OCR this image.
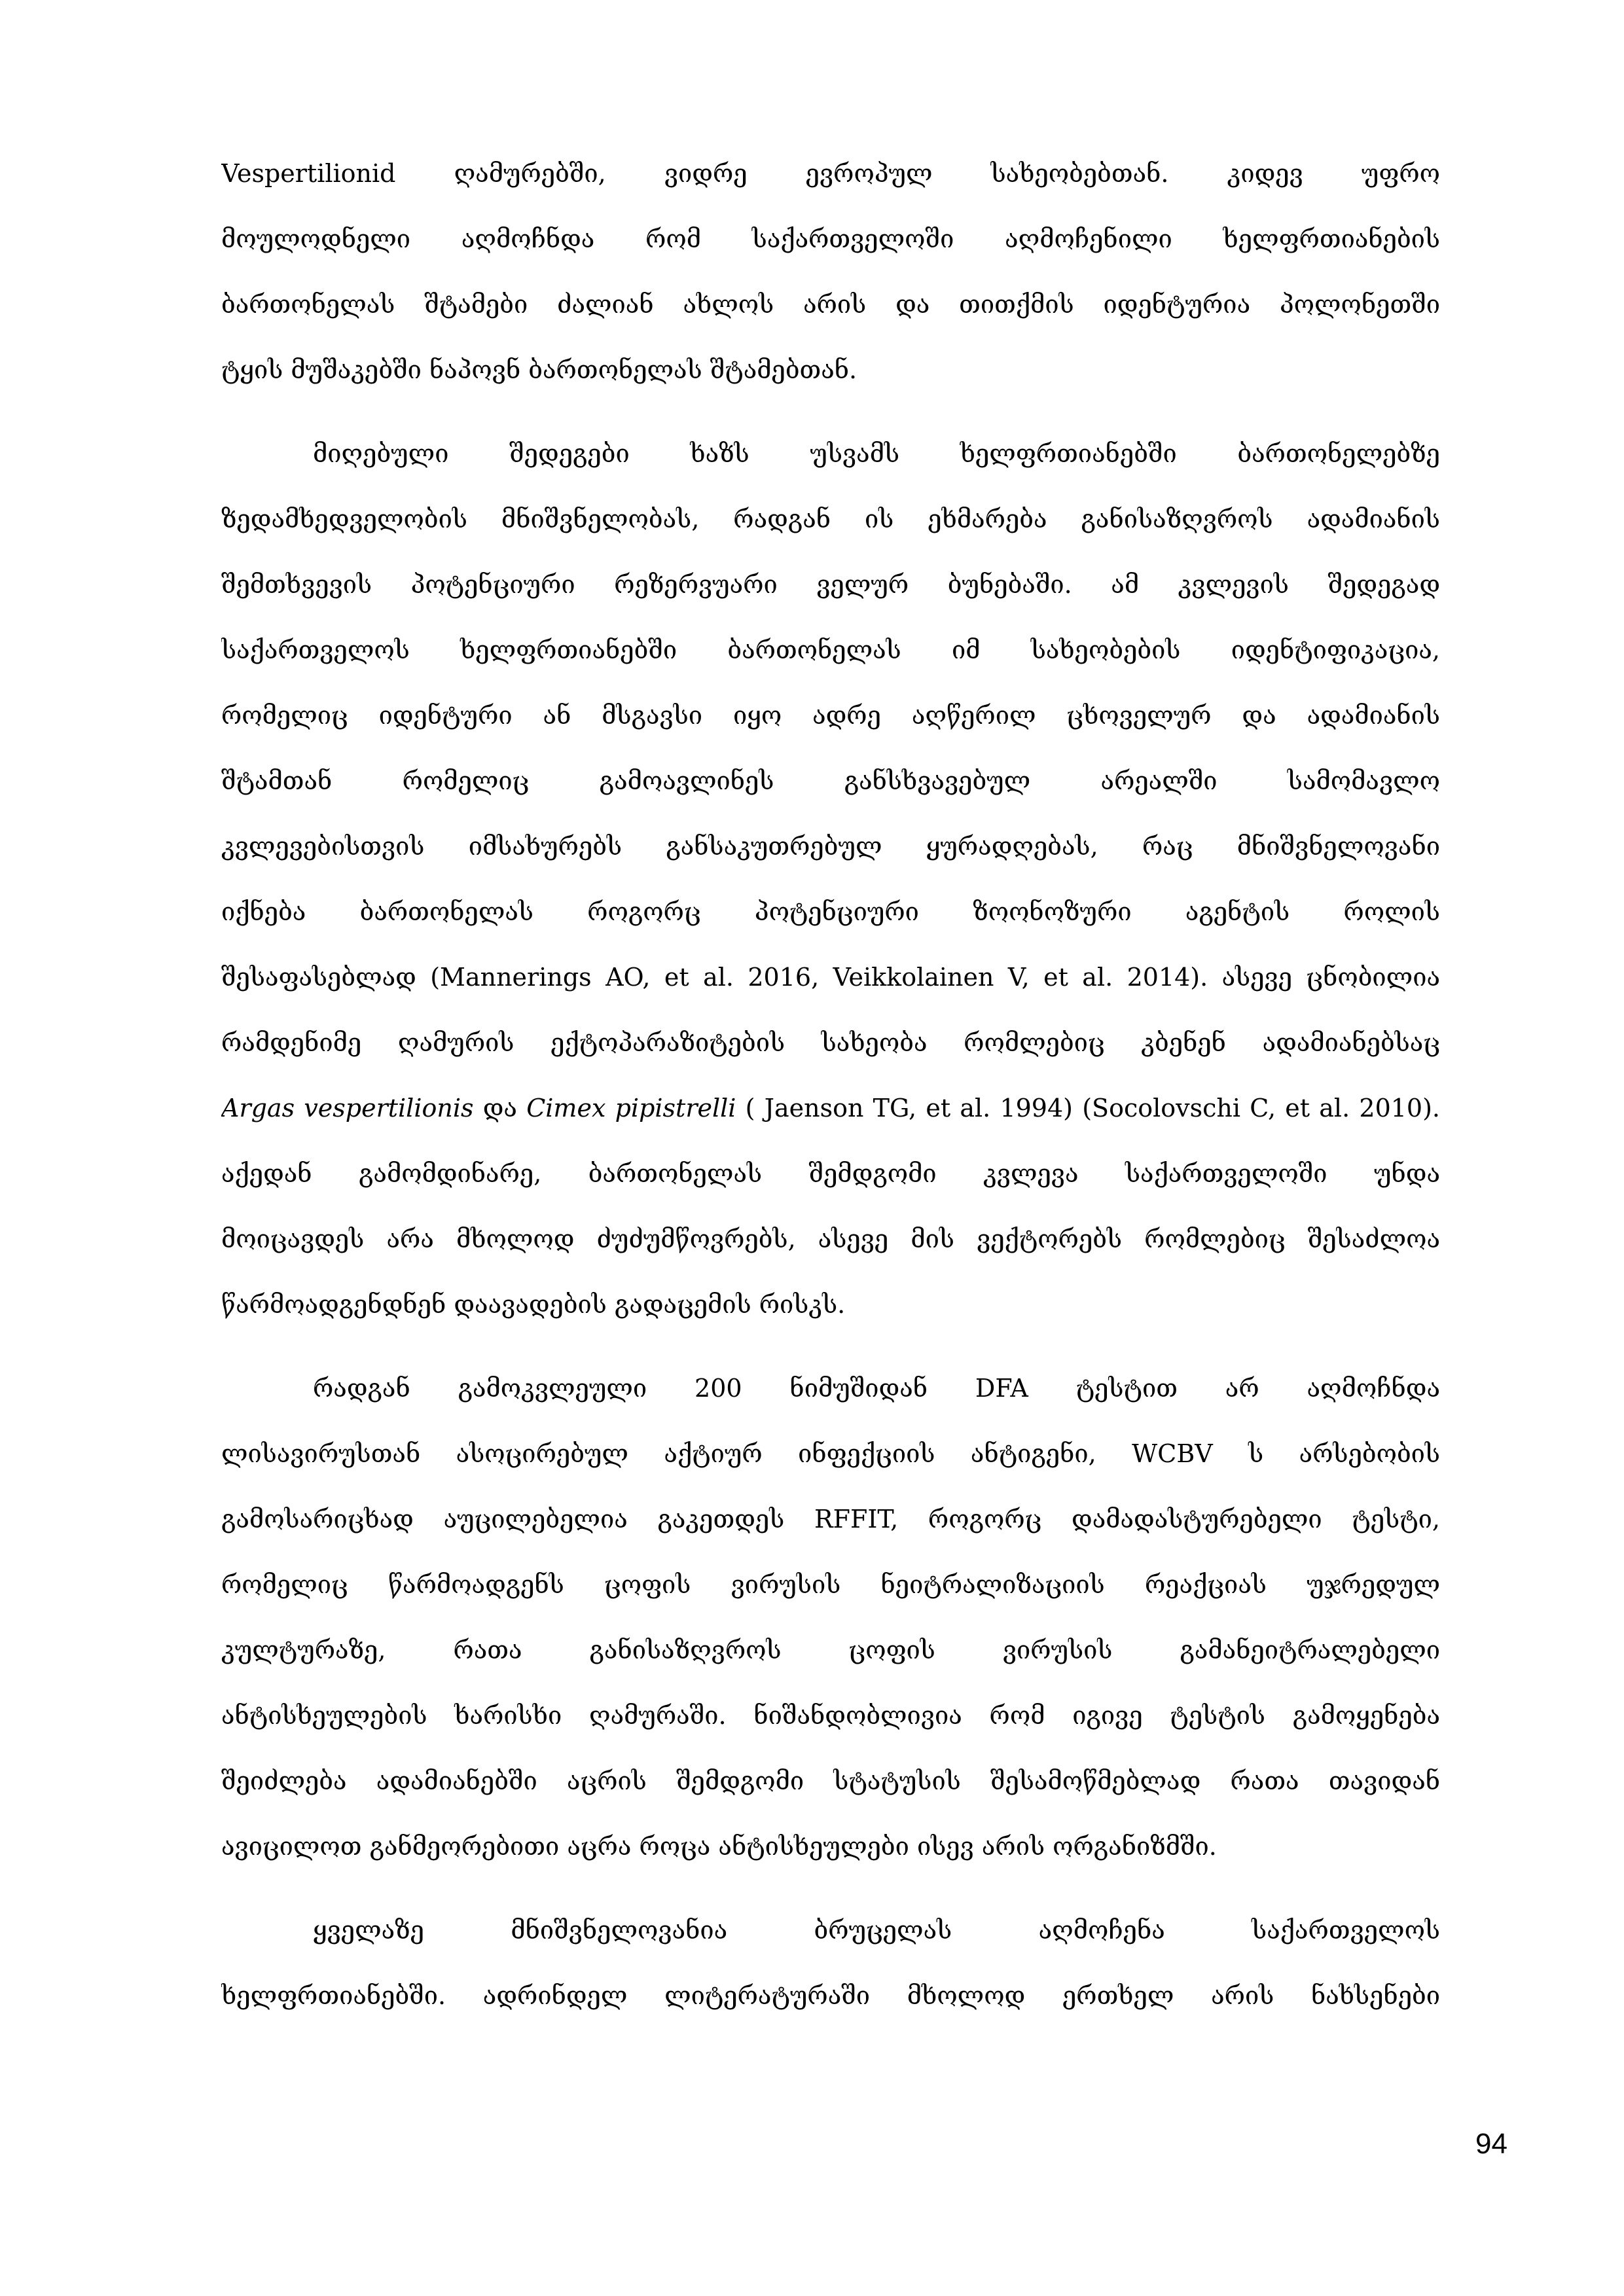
Vespertilionid ღამურებში, ვიდრე ევროპულ სახეობებთან. კიდევ უფრო
მოულოდნელი აღმოჩნდა რომ საქართველოში აღმოჩენილი ხელფრთიანების
ბართონელას შტამები ძალიან ახლოს არის და თითქმის იდენტურია პოლონეთში
ტყის მუშაკებში ნაპოვნ ბართონელას შტამებთან.
მიღებული შედეგები ხაზს უსვამს ხელფრთიანებში ბართონელებზე
ზედამხედველობის მნიშვნელობას, რადგან ის ეხმარება განისაზღვროს ადამიანის
შემთხვევის პოტენციური რეზერვუარი ველურ ბუნებაში. ამ კვლევის შედეგად
საქართველოს ხელფრთიანებში ბართონელას იმ სახეობების იდენტიფიკაცია,
რომელიც იდენტური ან მსგავსი იყო ადრე აღწერილ ცხოველურ და ადამიანის
შტამთან რომელიც გამოავლინეს განსხვავებულ არეალში სამომავლო
კვლევებისთვის იმსახურებს განსაკუთრებულ ყურადღებას, რაც მნიშვნელოვანი
იქნება ბართონელას როგორც პოტენციური ზოონოზური აგენტის როლის
შესაფასებლად (Mannerings AO, et al. 2016, Veikkolainen V, et al. 2014). ასევე ცნობილია
რამდენიმე ღამურის ექტოპარაზიტების სახეობა რომლებიც კბენენ ადამიანებსაც
Argas vespertilionis და Cimex pipistrelli ( Jaenson TG, et al. 1994) (Socolovschi C, et al. 2010).
აქედან გამომდინარე, ბართონელას შემდგომი კვლევა საქართველოში უნდა
მოიცავდეს არა მხოლოდ ძუძუმწოვრებს, ასევე მის ვექტორებს რომლებიც შესაძლოა
წარმოადგენდნენ დაავადების გადაცემის რისკს.
რადგან გამოკვლეული 200 ნიმუშიდან DFA ტესტით არ აღმოჩნდა
ლისავირუსთან ასოცირებულ აქტიურ ინფექციის ანტიგენი, WCBV ს არსებობის
გამოსარიცხად აუცილებელია გაკეთდეს RFFIT, როგორც დამადასტურებელი ტესტი,
რომელიც წარმოადგენს ცოფის ვირუსის ნეიტრალიზაციის რეაქციას უჯრედულ
კულტურაზე, რათა განისაზღვროს ცოფის ვირუსის გამანეიტრალებელი
ანტისხეულების ხარისხი ღამურაში. ნიშანდობლივია რომ იგივე ტესტის გამოყენება
შეიძლება ადამიანებში აცრის შემდგომი სტატუსის შესამოწმებლად რათა თავიდან
ავიცილოთ განმეორებითი აცრა როცა ანტისხეულები ისევ არის ორგანიზმში.
ყველაზე მნიშვნელოვანია ბრუცელას აღმოჩენა საქართველოს
ხელფრთიანებში. ადრინდელ ლიტერატურაში მხოლოდ ერთხელ არის ნახსენები
94
